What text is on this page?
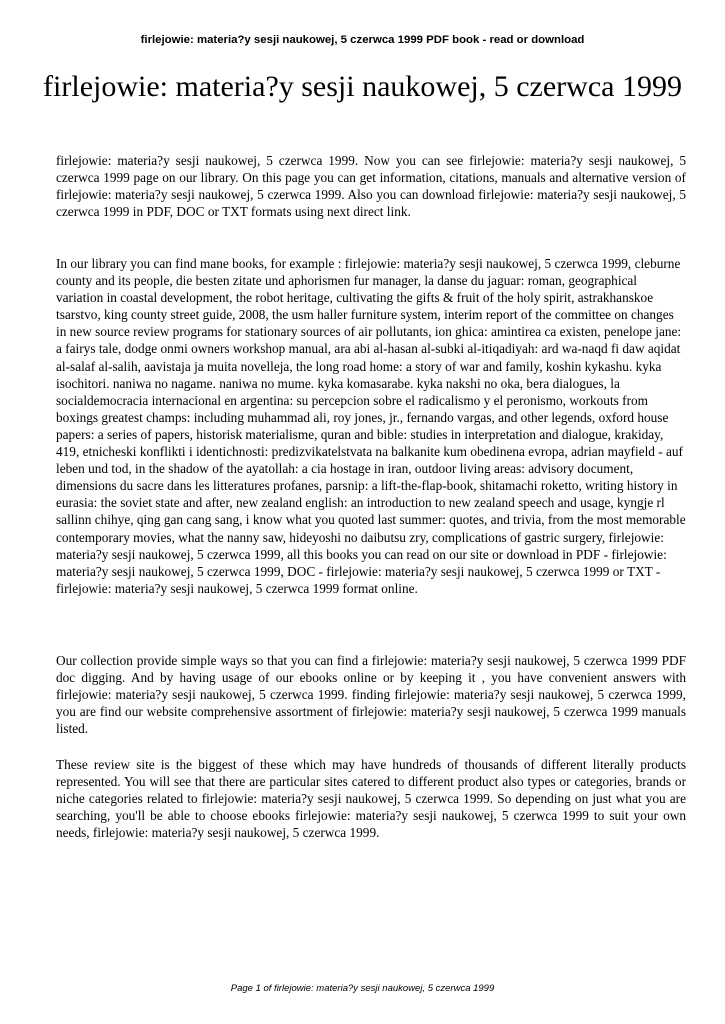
firlejowie: materia?y sesji naukowej, 5 czerwca 1999 PDF book - read or download
firlejowie: materia?y sesji naukowej, 5 czerwca 1999
firlejowie: materia?y sesji naukowej, 5 czerwca 1999. Now you can see firlejowie: materia?y sesji naukowej, 5 czerwca 1999 page on our library. On this page you can get information, citations, manuals and alternative version of firlejowie: materia?y sesji naukowej, 5 czerwca 1999. Also you can download firlejowie: materia?y sesji naukowej, 5 czerwca 1999 in PDF, DOC or TXT formats using next direct link.
In our library you can find mane books, for example : firlejowie: materia?y sesji naukowej, 5 czerwca 1999, cleburne county and its people, die besten zitate und aphorismen fur manager, la danse du jaguar: roman, geographical variation in coastal development, the robot heritage, cultivating the gifts & fruit of the holy spirit, astrakhanskoe tsarstvo, king county street guide, 2008, the usm haller furniture system, interim report of the committee on changes in new source review programs for stationary sources of air pollutants, ion ghica: amintirea ca existen, penelope jane: a fairys tale, dodge onmi owners workshop manual, ara abi al-hasan al-subki al-itiqadiyah: ard wa-naqd fi daw aqidat al-salaf al-salih, aavistaja ja muita novelleja, the long road home: a story of war and family, koshin kykashu. kyka isochitori. naniwa no nagame. naniwa no mume. kyka komasarabe. kyka nakshi no oka, bera dialogues, la socialdemocracia internacional en argentina: su percepcion sobre el radicalismo y el peronismo, workouts from boxings greatest champs: including muhammad ali, roy jones, jr., fernando vargas, and other legends, oxford house papers: a series of papers, historisk materialisme, quran and bible: studies in interpretation and dialogue, krakiday, 419, etnicheski konflikti i identichnosti: predizvikatelstvata na balkanite kum obedinena evropa, adrian mayfield - auf leben und tod, in the shadow of the ayatollah: a cia hostage in iran, outdoor living areas: advisory document, dimensions du sacre dans les litteratures profanes, parsnip: a lift-the-flap-book, shitamachi roketto, writing history in eurasia: the soviet state and after, new zealand english: an introduction to new zealand speech and usage, kyngje rl sallinn chihye, qing gan cang sang, i know what you quoted last summer: quotes, and trivia, from the most memorable contemporary movies, what the nanny saw, hideyoshi no daibutsu zry, complications of gastric surgery, firlejowie: materia?y sesji naukowej, 5 czerwca 1999, all this books you can read on our site or download in PDF - firlejowie: materia?y sesji naukowej, 5 czerwca 1999, DOC - firlejowie: materia?y sesji naukowej, 5 czerwca 1999 or TXT - firlejowie: materia?y sesji naukowej, 5 czerwca 1999 format online.
Our collection provide simple ways so that you can find a firlejowie: materia?y sesji naukowej, 5 czerwca 1999 PDF doc digging. And by having usage of our ebooks online or by keeping it , you have convenient answers with firlejowie: materia?y sesji naukowej, 5 czerwca 1999. finding firlejowie: materia?y sesji naukowej, 5 czerwca 1999, you are find our website comprehensive assortment of firlejowie: materia?y sesji naukowej, 5 czerwca 1999 manuals listed.
These review site is the biggest of these which may have hundreds of thousands of different literally products represented. You will see that there are particular sites catered to different product also types or categories, brands or niche categories related to firlejowie: materia?y sesji naukowej, 5 czerwca 1999. So depending on just what you are searching, you'll be able to choose ebooks firlejowie: materia?y sesji naukowej, 5 czerwca 1999 to suit your own needs, firlejowie: materia?y sesji naukowej, 5 czerwca 1999.
Page 1 of firlejowie: materia?y sesji naukowej, 5 czerwca 1999
